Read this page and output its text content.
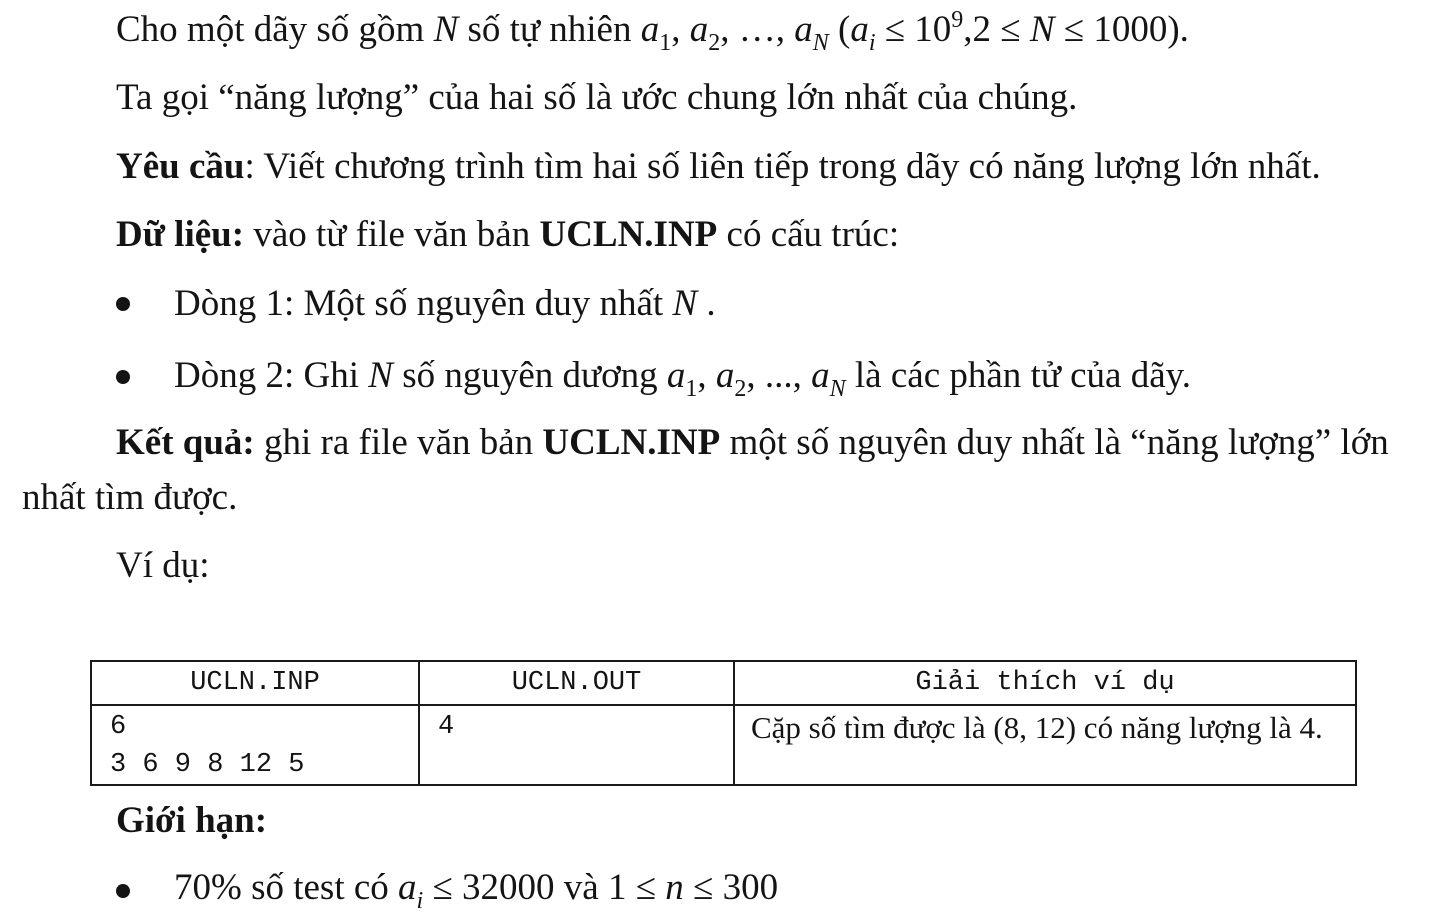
Cho một dãy số gồm N số tự nhiên $a_1$, $a_2$, …, $a_N$ $(a_i \le 10^9,2 \le N \le 1000)$.
Ta gọi “năng lượng” của hai số là ước chung lớn nhất của chúng.
Yêu cầu: Viết chương trình tìm hai số liên tiếp trong dãy có năng lượng lớn nhất.
Dữ liệu: vào từ file văn bản UCLN.INP có cấu trúc:
Dòng 1: Một số nguyên duy nhất N .
Dòng 2: Ghi N số nguyên dương $a_1$, $a_2$, ..., $a_N$ là các phần tử của dãy.
Kết quả: ghi ra file văn bản UCLN.INP một số nguyên duy nhất là “năng lượng” lớn
nhất tìm được.
Ví dụ:
UCLN.INP	UCLN.OUT	Giải thích ví dụ

6
3 6 9 8 12 5	4	Cặp số tìm được là (8, 12) có năng lượng là 4.
Giới hạn:
70% số test có $a_i \le 32000$ và 1 ≤ n ≤ 300
